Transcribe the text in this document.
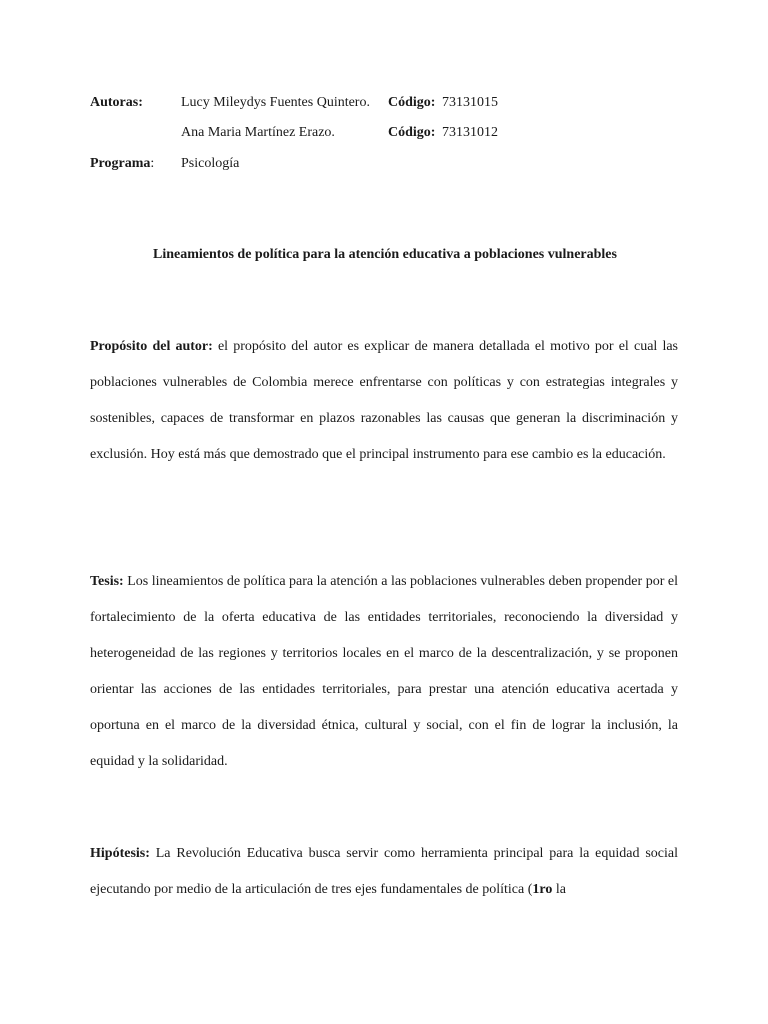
Autoras:	Lucy Mileydys Fuentes Quintero. Código: 73131015
Ana Maria Martínez Erazo.	Código: 73131012
Programa: Psicología
Lineamientos de política para la atención educativa a poblaciones vulnerables

Propósito del autor: el propósito del autor es explicar de manera detallada el motivo por el cual las poblaciones vulnerables de Colombia merece enfrentarse con políticas y con estrategias integrales y sostenibles, capaces de transformar en plazos razonables las causas que generan la discriminación y exclusión. Hoy está más que demostrado que el principal instrumento para ese cambio es la educación.

Tesis: Los lineamientos de política para la atención a las poblaciones vulnerables deben propender por el fortalecimiento de la oferta educativa de las entidades territoriales, reconociendo la diversidad y heterogeneidad de las regiones y territorios locales en el marco de la descentralización, y se proponen orientar las acciones de las entidades territoriales, para prestar una atención educativa acertada y oportuna en el marco de la diversidad étnica, cultural y social, con el fin de lograr la inclusión, la equidad y la solidaridad.

Hipótesis: La Revolución Educativa busca servir como herramienta principal para la equidad social ejecutando por medio de la articulación de tres ejes fundamentales de política (1ro la
